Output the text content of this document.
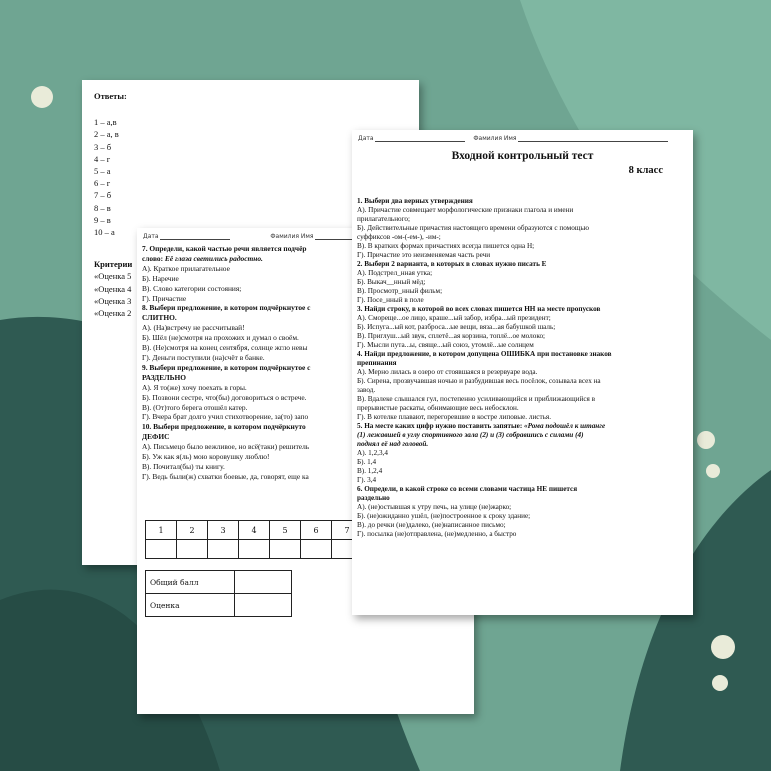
Ответы:
1 – а,в
2 – а, в
3 – б
4 – г
5 – а
6 – г
7 – б
8 – в
9 – в
10 – а
Критерии
«Оценка 5
«Оценка 4
«Оценка 3
«Оценка 2
Дата	Фамилия Имя
7. Определи, какой частью речи является подчёр
слово: Её глаза светились радостно.
А). Краткое прилагательное
Б). Наречие
В). Слово категории состояния;
Г). Причастие
8. Выбери предложение, в котором подчёркнутое с
СЛИТНО.
А). (На)встречу не рассчитывай!
Б). Шёл (не)смотря на прохожих и думал о своём.
В). (Не)смотря на конец сентября, солнце жгло невы
Г). Деньги поступили (на)счёт в банке.
9. Выбери предложение, в котором подчёркнутое с
РАЗДЕЛЬНО
А). Я то(же) хочу поехать в горы.
Б). Позвони сестре, что(бы) договориться о встрече.
В). (От)того берега отошёл катер.
Г). Вчера брат долго учил стихотворение, за(то) запо
10. Выбери предложение, в котором подчёркнуто
ДЕФИС
А). Письмецо было вежливое, но всё(таки) решитель
Б). Уж как я(ль) мою коровушку люблю!
В). Почитал(бы) ты книгу.
Г). Ведь были(ж) схватки боевые, да, говорят, еще ка
1	2	3	4	5	6	7

Общий балл	
Оценка	
Дата	Фамилия Имя
Входной контрольный тест
8 класс
1. Выбери два верных утверждения
А). Причастие совмещает морфологические признаки глагола и имени
прилагательного;
Б). Действительные причастия настоящего времени образуются с помощью
суффиксов -ом-(-ем-), -им-;
В). В кратких формах причастиях всегда пишется одна Н;
Г). Причастие это неизменяемая часть речи
2. Выбери 2 варианта, в которых в словах нужно писать Е
А). Подстрел_нная утка;
Б). Выкач__нный мёд;
В). Просмотр_нный фильм;
Г). Посе_нный в поле
3. Найди строку, в которой во всех словах пишется НН на месте пропусков
А). Смореще...ое лицо, краше...ый забор, избра...ый президент;
Б). Испуга...ый кот, разброса...ые вещи, вяза...ая бабушкой шаль;
В). Приглуш...ый звук, сплетё...ая корзина, топлё...ое молоко;
Г). Мысли пута...ы, свяще...ый союз, утомлё...ые солнцем
4. Найди предложение, в котором допущена ОШИБКА при постановке знаков
препинания
А). Мерно лилась в озеро от стоявшаяся в резервуаре вода.
Б). Сирена, прозвучавшая ночью и разбудившая весь посёлок, созывала всех на
завод.
В). Вдалеке слышался гул, постепенно усиливающийся и приближающийся в
прерывистые раскаты, обнимающие весь небосклон.
Г). В котелке плавают, перегоревшие в костре липовые. листья.
5. На месте каких цифр нужно поставить запятые: «Рома подошёл к штанге
(1) лежавшей в углу спортивного зала (2) и (3) собравшись с силами (4)
поднял её над головой.
А). 1,2,3,4
Б). 1,4
В). 1,2,4
Г). 3,4
6. Определи, в какой строке со всеми словами частица НЕ пишется
раздельно
А). (не)остывшая к утру печь, на улице (не)жарко;
Б). (не)ожиданно ушёл, (не)построенное к сроку здание;
В). до речки (не)далеко, (не)написанное письмо;
Г). посылка (не)отправлена, (не)медленно, а быстро
